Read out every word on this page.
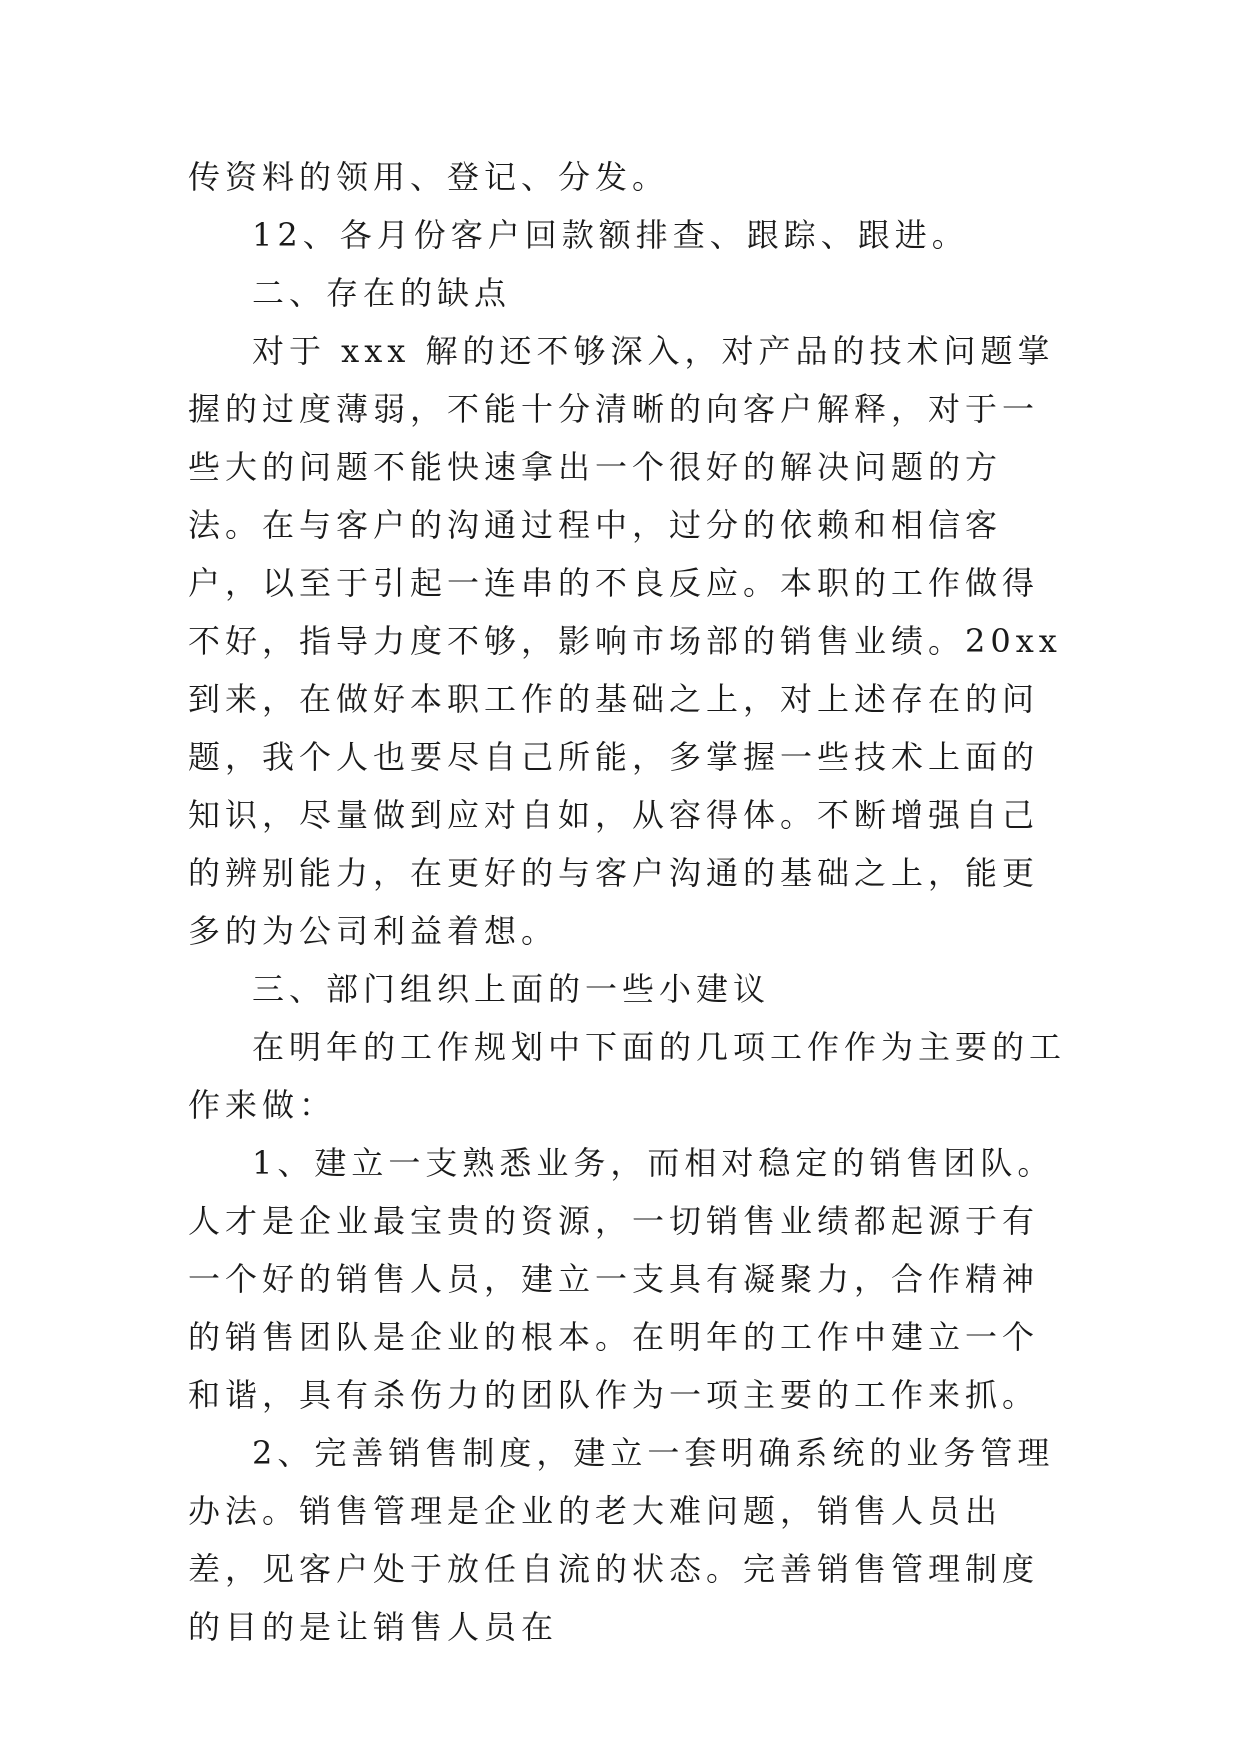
传资料的领用、登记、分发。

12、各月份客户回款额排查、跟踪、跟进。

二、存在的缺点

对于 xxx 解的还不够深入，对产品的技术问题掌握的过度薄弱，不能十分清晰的向客户解释，对于一些大的问题不能快速拿出一个很好的解决问题的方法。在与客户的沟通过程中，过分的依赖和相信客户，以至于引起一连串的不良反应。本职的工作做得不好，指导力度不够，影响市场部的销售业绩。20xx 到来，在做好本职工作的基础之上，对上述存在的问题，我个人也要尽自己所能，多掌握一些技术上面的知识，尽量做到应对自如，从容得体。不断增强自己的辨别能力，在更好的与客户沟通的基础之上，能更多的为公司利益着想。

三、部门组织上面的一些小建议

在明年的工作规划中下面的几项工作作为主要的工作来做：

1、建立一支熟悉业务，而相对稳定的销售团队。人才是企业最宝贵的资源，一切销售业绩都起源于有一个好的销售人员，建立一支具有凝聚力，合作精神的销售团队是企业的根本。在明年的工作中建立一个和谐，具有杀伤力的团队作为一项主要的工作来抓。

2、完善销售制度，建立一套明确系统的业务管理办法。销售管理是企业的老大难问题，销售人员出差，见客户处于放任自流的状态。完善销售管理制度的目的是让销售人员在
